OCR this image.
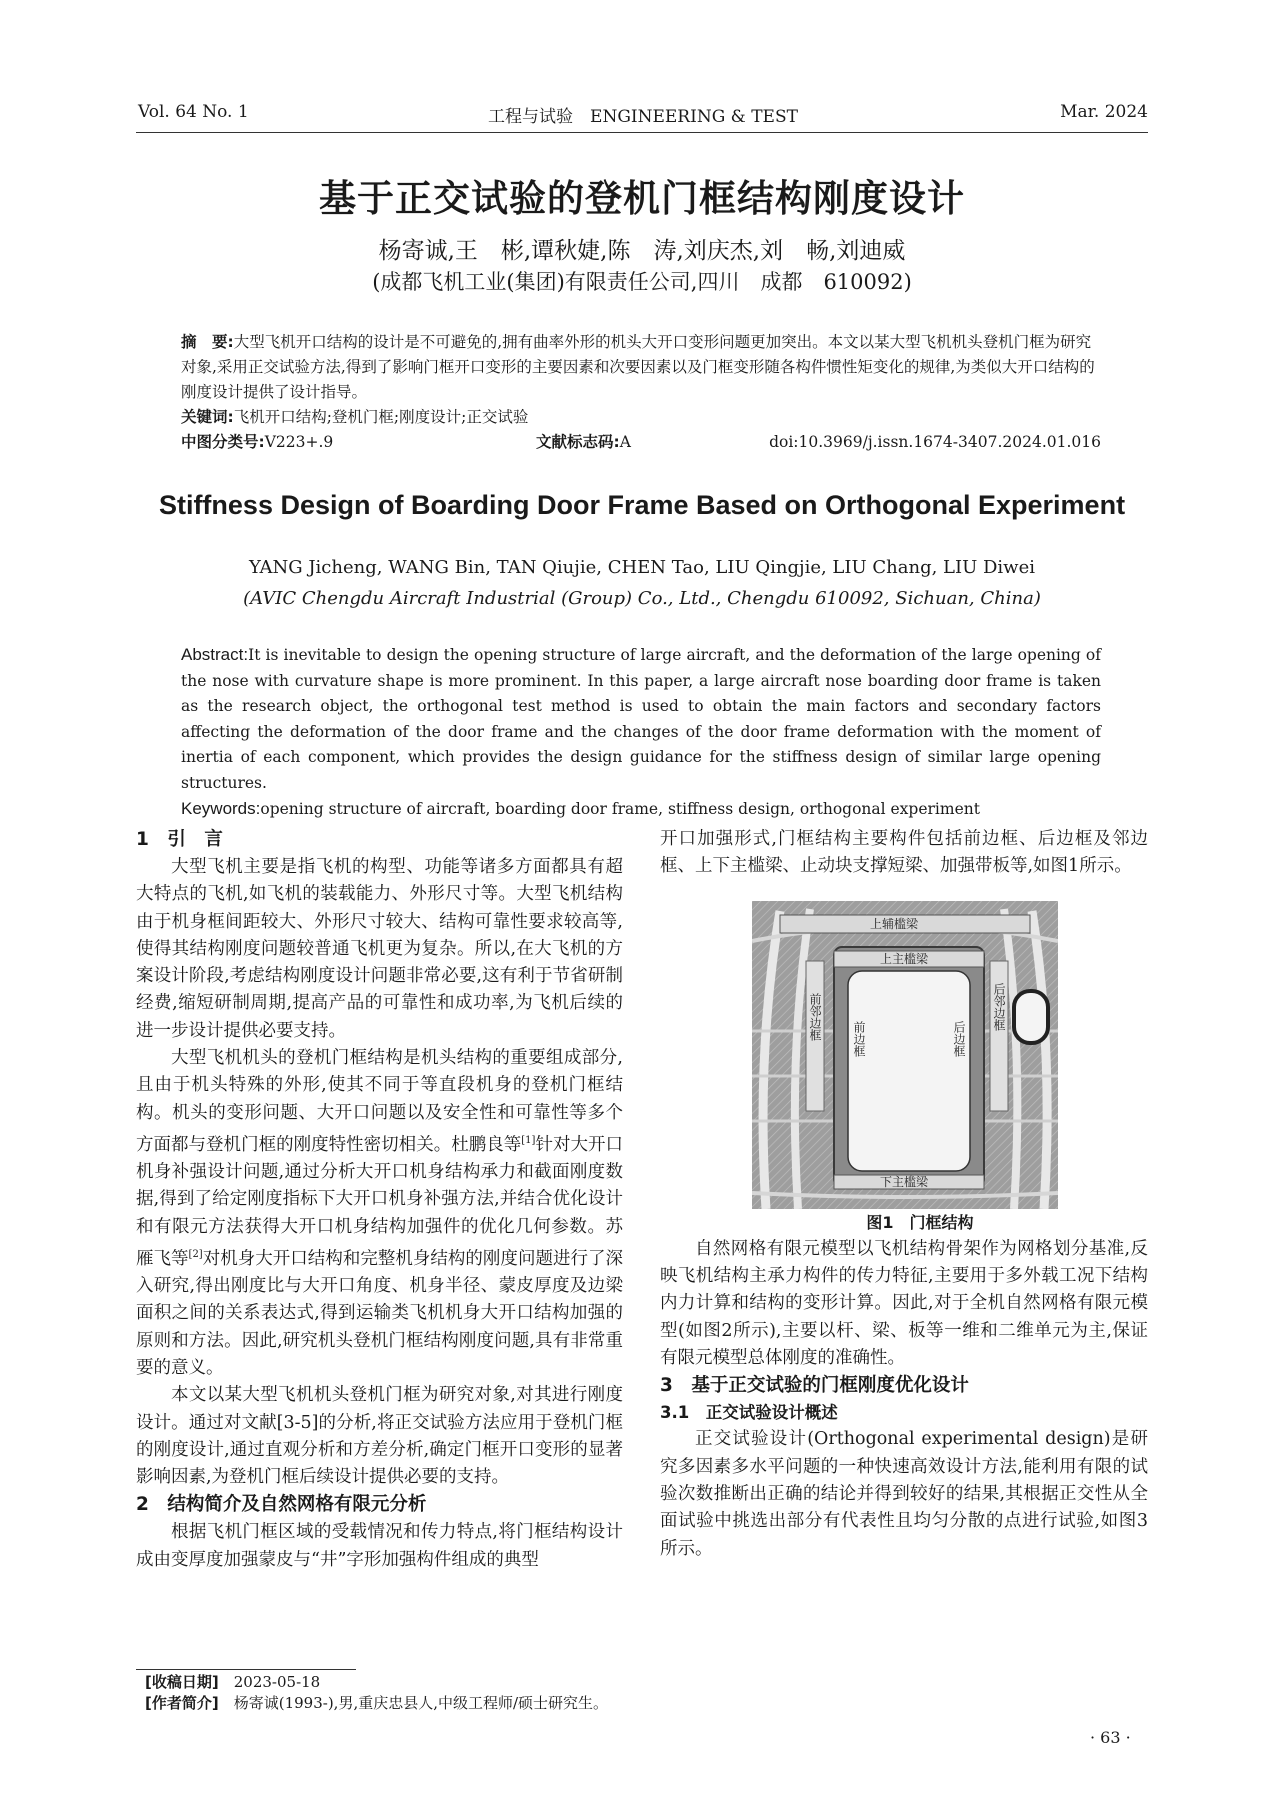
Vol. 64 No. 1	工程与试验　ENGINEERING & TEST	Mar. 2024
基于正交试验的登机门框结构刚度设计
杨寄诚,王　彬,谭秋婕,陈　涛,刘庆杰,刘　畅,刘迪威
(成都飞机工业(集团)有限责任公司,四川　成都　610092)
摘　要:大型飞机开口结构的设计是不可避免的,拥有曲率外形的机头大开口变形问题更加突出。本文以某大型飞机机头登机门框为研究对象,采用正交试验方法,得到了影响门框开口变形的主要因素和次要因素以及门框变形随各构件惯性矩变化的规律,为类似大开口结构的刚度设计提供了设计指导。
关键词:飞机开口结构;登机门框;刚度设计;正交试验
中图分类号:V223+.9	文献标志码:A	doi:10.3969/j.issn.1674-3407.2024.01.016
Stiffness Design of Boarding Door Frame Based on Orthogonal Experiment
YANG Jicheng, WANG Bin, TAN Qiujie, CHEN Tao, LIU Qingjie, LIU Chang, LIU Diwei
(AVIC Chengdu Aircraft Industrial (Group) Co., Ltd., Chengdu 610092, Sichuan, China)
Abstract:It is inevitable to design the opening structure of large aircraft, and the deformation of the large opening of the nose with curvature shape is more prominent. In this paper, a large aircraft nose boarding door frame is taken as the research object, the orthogonal test method is used to obtain the main factors and secondary factors affecting the deformation of the door frame and the changes of the door frame deformation with the moment of inertia of each component, which provides the design guidance for the stiffness design of similar large opening structures.
Keywords:opening structure of aircraft, boarding door frame, stiffness design, orthogonal experiment
1　引　言

大型飞机主要是指飞机的构型、功能等诸多方面都具有超大特点的飞机,如飞机的装载能力、外形尺寸等。大型飞机结构由于机身框间距较大、外形尺寸较大、结构可靠性要求较高等,使得其结构刚度问题较普通飞机更为复杂。所以,在大飞机的方案设计阶段,考虑结构刚度设计问题非常必要,这有利于节省研制经费,缩短研制周期,提高产品的可靠性和成功率,为飞机后续的进一步设计提供必要支持。

大型飞机机头的登机门框结构是机头结构的重要组成部分,且由于机头特殊的外形,使其不同于等直段机身的登机门框结构。机头的变形问题、大开口问题以及安全性和可靠性等多个方面都与登机门框的刚度特性密切相关。杜鹏良等[1]针对大开口机身补强设计问题,通过分析大开口机身结构承力和截面刚度数据,得到了给定刚度指标下大开口机身补强方法,并结合优化设计和有限元方法获得大开口机身结构加强件的优化几何参数。苏雁飞等[2]对机身大开口结构和完整机身结构的刚度问题进行了深入研究,得出刚度比与大开口角度、机身半径、蒙皮厚度及边梁面积之间的关系表达式,得到运输类飞机机身大开口结构加强的原则和方法。因此,研究机头登机门框结构刚度问题,具有非常重要的意义。

本文以某大型飞机机头登机门框为研究对象,对其进行刚度设计。通过对文献[3-5]的分析,将正交试验方法应用于登机门框的刚度设计,通过直观分析和方差分析,确定门框开口变形的显著影响因素,为登机门框后续设计提供必要的支持。

2　结构简介及自然网格有限元分析

根据飞机门框区域的受载情况和传力特点,将门框结构设计成由变厚度加强蒙皮与“井”字形加强构件组成的典型

开口加强形式,门框结构主要构件包括前边框、后边框及邻边框、上下主槛梁、止动块支撑短梁、加强带板等,如图1所示。

上辅槛梁
上主槛梁
下主槛梁
前邻边框	前边框	后边框
后邻边框

图1　门框结构

自然网格有限元模型以飞机结构骨架作为网格划分基准,反映飞机结构主承力构件的传力特征,主要用于多外载工况下结构内力计算和结构的变形计算。因此,对于全机自然网格有限元模型(如图2所示),主要以杆、梁、板等一维和二维单元为主,保证有限元模型总体刚度的准确性。

3　基于正交试验的门框刚度优化设计
3.1　正交试验设计概述

正交试验设计(Orthogonal experimental design)是研究多因素多水平问题的一种快速高效设计方法,能利用有限的试验次数推断出正确的结论并得到较好的结果,其根据正交性从全面试验中挑选出部分有代表性且均匀分散的点进行试验,如图3所示。

[收稿日期]　 2023-05-18
[作者简介]　 杨寄诚(1993-),男,重庆忠县人,中级工程师/硕士研究生。
· 63 ·
